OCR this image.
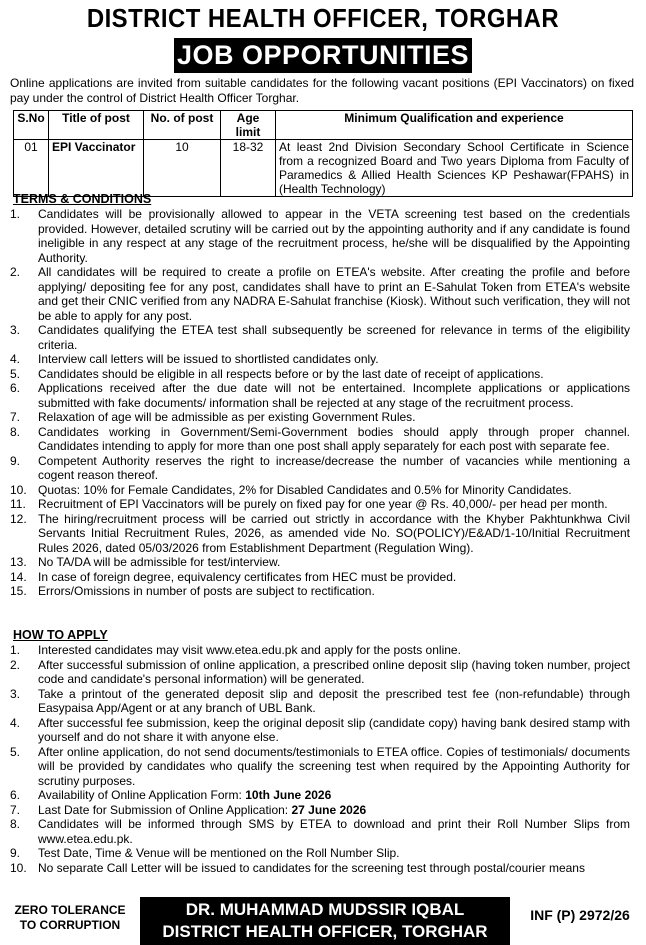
DISTRICT HEALTH OFFICER, TORGHAR
JOB OPPORTUNITIES
Online applications are invited from suitable candidates for the following vacant positions (EPI Vaccinators) on fixed pay under the control of District Health Officer Torghar.
S.No	Title of post	No. of post	Age limit	Minimum Qualification and experience
01	EPI Vaccinator	10	18-32	At least 2nd Division Secondary School Certificate in Science from a recognized Board and Two years Diploma from Faculty of Paramedics & Allied Health Sciences KP Peshawar(FPAHS) in (Health Technology)
TERMS & CONDITIONS
1.	Candidates will be provisionally allowed to appear in the VETA screening test based on the credentials provided. However, detailed scrutiny will be carried out by the appointing authority and if any candidate is found ineligible in any respect at any stage of the recruitment process, he/she will be disqualified by the Appointing Authority.
2.	All candidates will be required to create a profile on ETEA's website. After creating the profile and before applying/ depositing fee for any post, candidates shall have to print an E-Sahulat Token from ETEA's website and get their CNIC verified from any NADRA E-Sahulat franchise (Kiosk). Without such verification, they will not be able to apply for any post.
3.	Candidates qualifying the ETEA test shall subsequently be screened for relevance in terms of the eligibility criteria.
4.	Interview call letters will be issued to shortlisted candidates only.
5.	Candidates should be eligible in all respects before or by the last date of receipt of applications.
6.	Applications received after the due date will not be entertained. Incomplete applications or applications submitted with fake documents/ information shall be rejected at any stage of the recruitment process.
7.	Relaxation of age will be admissible as per existing Government Rules.
8.	Candidates working in Government/Semi-Government bodies should apply through proper channel. Candidates intending to apply for more than one post shall apply separately for each post with separate fee.
9.	Competent Authority reserves the right to increase/decrease the number of vacancies while mentioning a cogent reason thereof.
10. Quotas: 10% for Female Candidates, 2% for Disabled Candidates and 0.5% for Minority Candidates.
11.	Recruitment of EPI Vaccinators will be purely on fixed pay for one year @ Rs. 40,000/- per head per month.
12. The hiring/recruitment process will be carried out strictly in accordance with the Khyber Pakhtunkhwa Civil Servants Initial Recruitment Rules, 2026, as amended vide No. SO(POLICY)/E&AD/1-10/Initial Recruitment Rules 2026, dated 05/03/2026 from Establishment Department (Regulation Wing).
13. No TA/DA will be admissible for test/interview.
14. In case of foreign degree, equivalency certificates from HEC must be provided.
15. Errors/Omissions in number of posts are subject to rectification.
HOW TO APPLY
1.	Interested candidates may visit www.etea.edu.pk and apply for the posts online.
2.	After successful submission of online application, a prescribed online deposit slip (having token number, project code and candidate's personal information) will be generated.
3.	Take a printout of the generated deposit slip and deposit the prescribed test fee (non-refundable) through Easypaisa App/Agent or at any branch of UBL Bank.
4.	After successful fee submission, keep the original deposit slip (candidate copy) having bank desired stamp with yourself and do not share it with anyone else.
5.	After online application, do not send documents/testimonials to ETEA office. Copies of testimonials/ documents will be provided by candidates who qualify the screening test when required by the Appointing Authority for scrutiny purposes.
6.	Availability of Online Application Form: 10th June 2026
7.	Last Date for Submission of Online Application: 27 June 2026
8.	Candidates will be informed through SMS by ETEA to download and print their Roll Number Slips from www.etea.edu.pk.
9.	Test Date, Time & Venue will be mentioned on the Roll Number Slip.
10. No separate Call Letter will be issued to candidates for the screening test through postal/courier means
ZERO TOLERANCE
TO CORRUPTION
DR. MUHAMMAD MUDSSIR IQBAL
DISTRICT HEALTH OFFICER, TORGHAR
INF (P) 2972/26
